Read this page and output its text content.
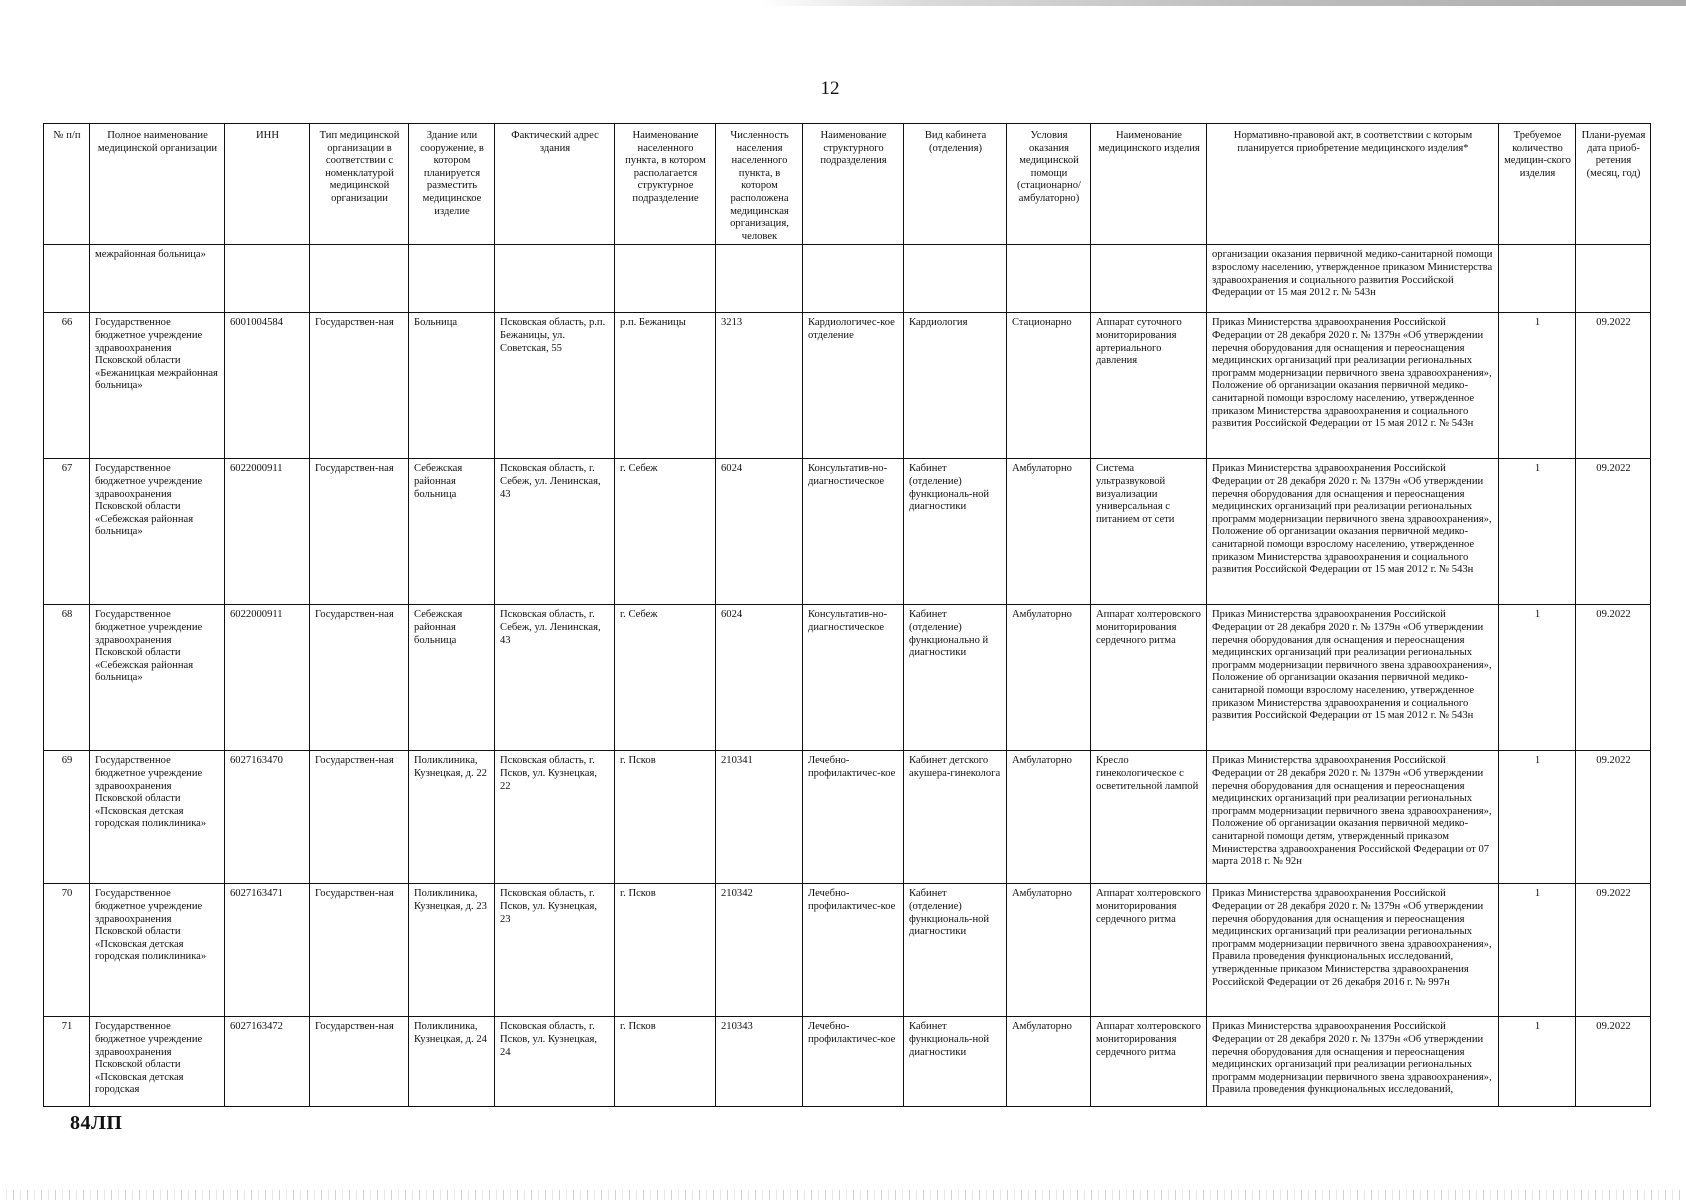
12
№ п/п	Полное наименование медицинской организации	ИНН	Тип медицинской организации в соответствии с номенклатурой медицинской организации	Здание или сооружение, в котором планируется разместить медицинское изделие	Фактический адрес здания	Наименование населенного пункта, в котором располагается структурное подразделение	Численность населения населенного пункта, в котором расположена медицинская организация, человек	Наименование структурного подразделения	Вид кабинета (отделения)	Условия оказания медицинской помощи (стационарно/ амбулаторно)	Наименование медицинского изделия	Нормативно-правовой акт, в соответствии с которым планируется приобретение медицинского изделия*	Требуемое количество медицин-ского изделия	Плани-руемая дата приоб-ретения (месяц, год)
	межрайонная больница»											организации оказания первичной медико-санитарной помощи взрослому населению, утвержденное приказом Министерства здравоохранения и социального развития Российской Федерации от 15 мая 2012 г. № 543н		
66	Государственное бюджетное учреждение здравоохранения Псковской области «Бежаницкая межрайонная больница»	6001004584	Государствен-ная	Больница	Псковская область, р.п. Бежаницы, ул. Советская, 55	р.п. Бежаницы	3213	Кардиологичес-кое отделение	Кардиология	Стационарно	Аппарат суточного мониторирования артериального давления	Приказ Министерства здравоохранения Российской Федерации от 28 декабря 2020 г. № 1379н «Об утверждении перечня оборудования для оснащения и переоснащения медицинских организаций при реализации региональных программ модернизации первичного звена здравоохранения», Положение об организации оказания первичной медико-санитарной помощи взрослому населению, утвержденное приказом Министерства здравоохранения и социального развития Российской Федерации от 15 мая 2012 г. № 543н	1	09.2022
67	Государственное бюджетное учреждение здравоохранения Псковской области «Себежская районная больница»	6022000911	Государствен-ная	Себежская районная больница	Псковская область, г. Себеж, ул. Ленинская, 43	г. Себеж	6024	Консультатив-но-диагностическое	Кабинет (отделение) функциональ-ной диагностики	Амбулаторно	Система ультразвуковой визуализации универсальная с питанием от сети	Приказ Министерства здравоохранения Российской Федерации от 28 декабря 2020 г. № 1379н «Об утверждении перечня оборудования для оснащения и переоснащения медицинских организаций при реализации региональных программ модернизации первичного звена здравоохранения», Положение об организации оказания первичной медико-санитарной помощи взрослому населению, утвержденное приказом Министерства здравоохранения и социального развития Российской Федерации от 15 мая 2012 г. № 543н	1	09.2022
68	Государственное бюджетное учреждение здравоохранения Псковской области «Себежская районная больница»	6022000911	Государствен-ная	Себежская районная больница	Псковская область, г. Себеж, ул. Ленинская, 43	г. Себеж	6024	Консультатив-но-диагностическое	Кабинет (отделение) функционально й диагностики	Амбулаторно	Аппарат холтеровского мониторирования сердечного ритма	Приказ Министерства здравоохранения Российской Федерации от 28 декабря 2020 г. № 1379н «Об утверждении перечня оборудования для оснащения и переоснащения медицинских организаций при реализации региональных программ модернизации первичного звена здравоохранения», Положение об организации оказания первичной медико-санитарной помощи взрослому населению, утвержденное приказом Министерства здравоохранения и социального развития Российской Федерации от 15 мая 2012 г. № 543н	1	09.2022
69	Государственное бюджетное учреждение здравоохранения Псковской области «Псковская детская городская поликлиника»	6027163470	Государствен-ная	Поликлиника, Кузнецкая, д. 22	Псковская область, г. Псков, ул. Кузнецкая, 22	г. Псков	210341	Лечебно-профилактичес-кое	Кабинет детского акушера-гинеколога	Амбулаторно	Кресло гинекологическое с осветительной лампой	Приказ Министерства здравоохранения Российской Федерации от 28 декабря 2020 г. № 1379н «Об утверждении перечня оборудования для оснащения и переоснащения медицинских организаций при реализации региональных программ модернизации первичного звена здравоохранения», Положение об организации оказания первичной медико-санитарной помощи детям, утвержденный приказом Министерства здравоохранения Российской Федерации от 07 марта 2018 г. № 92н	1	09.2022
70	Государственное бюджетное учреждение здравоохранения Псковской области «Псковская детская городская поликлиника»	6027163471	Государствен-ная	Поликлиника, Кузнецкая, д. 23	Псковская область, г. Псков, ул. Кузнецкая, 23	г. Псков	210342	Лечебно-профилактичес-кое	Кабинет (отделение) функциональ-ной диагностики	Амбулаторно	Аппарат холтеровского мониторирования сердечного ритма	Приказ Министерства здравоохранения Российской Федерации от 28 декабря 2020 г. № 1379н «Об утверждении перечня оборудования для оснащения и переоснащения медицинских организаций при реализации региональных программ модернизации первичного звена здравоохранения», Правила проведения функциональных исследований, утвержденные приказом Министерства здравоохранения Российской Федерации от 26 декабря 2016 г. № 997н	1	09.2022
71	Государственное бюджетное учреждение здравоохранения Псковской области «Псковская детская городская	6027163472	Государствен-ная	Поликлиника, Кузнецкая, д. 24	Псковская область, г. Псков, ул. Кузнецкая, 24	г. Псков	210343	Лечебно-профилактичес-кое	Кабинет функциональ-ной диагностики	Амбулаторно	Аппарат холтеровского мониторирования сердечного ритма	Приказ Министерства здравоохранения Российской Федерации от 28 декабря 2020 г. № 1379н «Об утверждении перечня оборудования для оснащения и переоснащения медицинских организаций при реализации региональных программ модернизации первичного звена здравоохранения», Правила проведения функциональных исследований,	1	09.2022
84ЛП
